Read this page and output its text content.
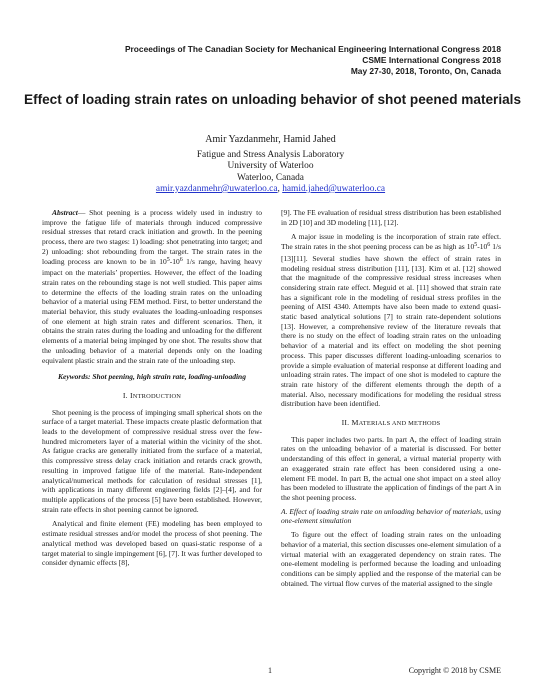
Proceedings of The Canadian Society for Mechanical Engineering International Congress 2018
CSME International Congress 2018
May 27-30, 2018, Toronto, On, Canada
Effect of loading strain rates on unloading behavior of shot peened materials
Amir Yazdanmehr, Hamid Jahed
Fatigue and Stress Analysis Laboratory
University of Waterloo
Waterloo, Canada
amir.yazdanmehr@uwaterloo.ca, hamid.jahed@uwaterloo.ca

Abstract— Shot peening is a process widely used in industry to improve the fatigue life of materials through induced compressive residual stresses that retard crack initiation and growth. In the peening process, there are two stages: 1) loading: shot penetrating into target; and 2) unloading: shot rebounding from the target. The strain rates in the loading process are known to be in $10^5-10^6$ 1/s range, having heavy impact on the materials’ properties. However, the effect of the loading strain rates on the rebounding stage is not well studied. This paper aims to determine the effects of the loading strain rates on the unloading behavior of a material using FEM method. First, to better understand the material behavior, this study evaluates the loading-unloading responses of one element at high strain rates and different scenarios. Then, it obtains the strain rates during the loading and unloading for the different elements of a material being impinged by one shot. The results show that the unloading behavior of a material depends only on the loading equivalent plastic strain and the strain rate of the unloading step.

Keywords: Shot peening, high strain rate, loading-unloading

I. INTRODUCTION

Shot peening is the process of impinging small spherical shots on the surface of a target material. These impacts create plastic deformation that leads to the development of compressive residual stress over the few-hundred micrometers layer of a material within the vicinity of the shot. As fatigue cracks are generally initiated from the surface of a material, this compressive stress delay crack initiation and retards crack growth, resulting in improved fatigue life of the material. Rate-independent analytical/numerical methods for calculation of residual stresses [1], with applications in many different engineering fields [2]–[4], and for multiple applications of the process [5] have been established. However, strain rate effects in shot peening cannot be ignored.

Analytical and finite element (FE) modeling has been employed to estimate residual stresses and/or model the process of shot peening. The analytical method was developed based on quasi-static response of a target material to single impingement [6], [7]. It was further developed to consider dynamic effects [8],

[9]. The FE evaluation of residual stress distribution has been established in 2D [10] and 3D modeling [11], [12].

A major issue in modeling is the incorporation of strain rate effect. The strain rates in the shot peening process can be as high as $10^5-10^6$ 1/s [13][11]. Several studies have shown the effect of strain rates in modeling residual stress distribution [11], [13]. Kim et al. [12] showed that the magnitude of the compressive residual stress increases when considering strain rate effect. Meguid et al. [11] showed that strain rate has a significant role in the modeling of residual stress profiles in the peening of AISI 4340. Attempts have also been made to extend quasi-static based analytical solutions [7] to strain rate-dependent solutions [13]. However, a comprehensive review of the literature reveals that there is no study on the effect of loading strain rates on the unloading behavior of a material and its effect on modeling the shot peening process. This paper discusses different loading-unloading scenarios to provide a simple evaluation of material response at different loading and unloading strain rates. The impact of one shot is modeled to capture the strain rate history of the different elements through the depth of a material. Also, necessary modifications for modeling the residual stress distribution have been identified.

II. MATERIALS AND METHODS

This paper includes two parts. In part A, the effect of loading strain rates on the unloading behavior of a material is discussed. For better understanding of this effect in general, a virtual material property with an exaggerated strain rate effect has been considered using a one-element FE model. In part B, the actual one shot impact on a steel alloy has been modeled to illustrate the application of findings of the part A in the shot peening process.

A. Effect of loading strain rate on unloading behavior of materials, using one-element simulation

To figure out the effect of loading strain rates on the unloading behavior of a material, this section discusses one-element simulation of a virtual material with an exaggerated dependency on strain rates. The one-element modeling is performed because the loading and unloading conditions can be simply applied and the response of the material can be obtained. The virtual flow curves of the material assigned to the single

1	Copyright © 2018 by CSME
